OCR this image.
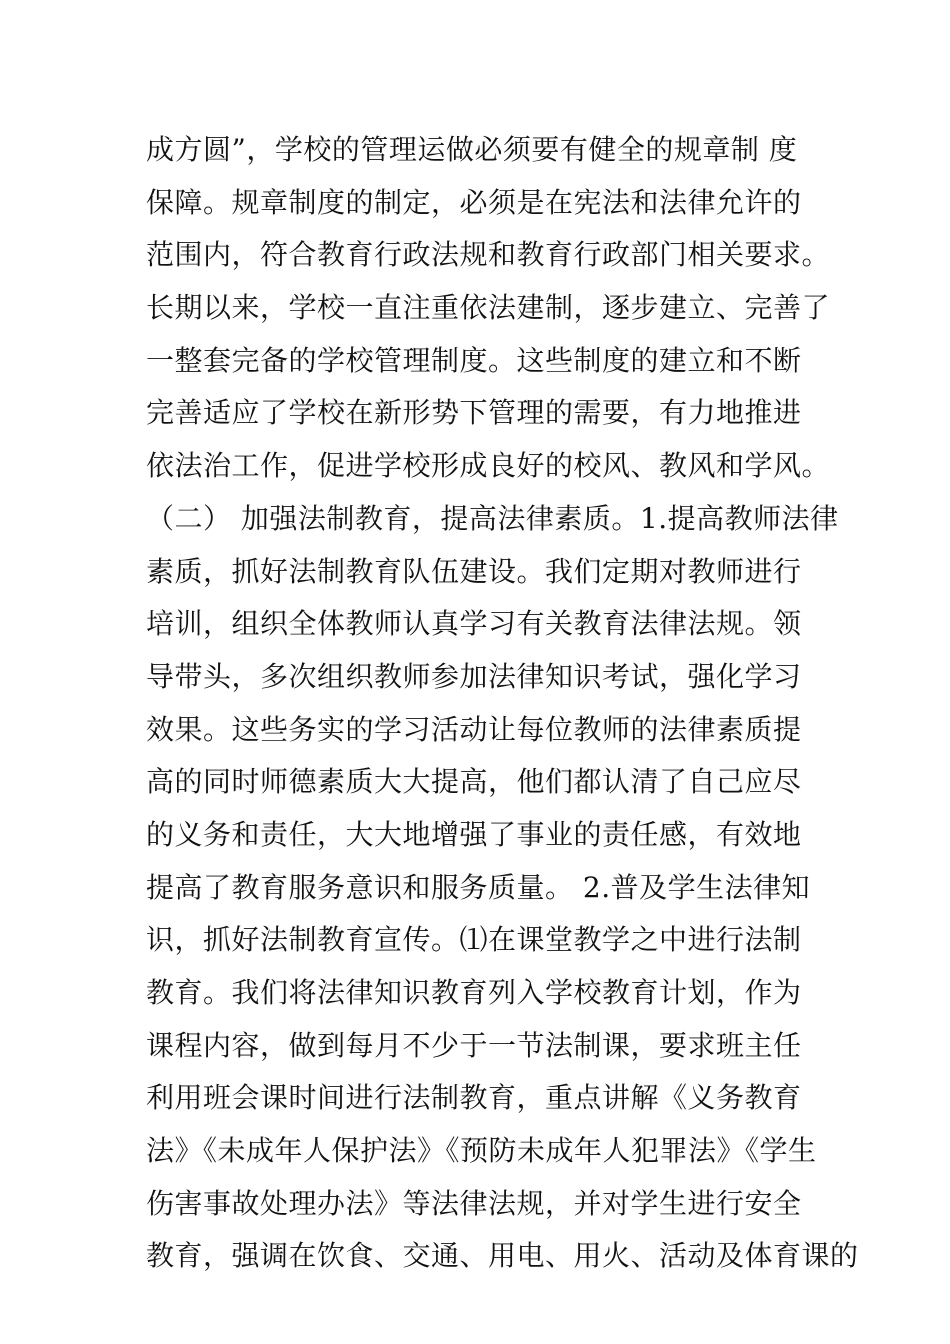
成方圆”，学校的管理运做必须要有健全的规章制 度
保障。规章制度的制定，必须是在宪法和法律允许的
范围内，符合教育行政法规和教育行政部门相关要求。
长期以来，学校一直注重依法建制，逐步建立、完善了
一整套完备的学校管理制度。这些制度的建立和不断
完善适应了学校在新形势下管理的需要，有力地推进
依法治工作，促进学校形成良好的校风、教风和学风。
（二） 加强法制教育，提高法律素质。1.提高教师法律
素质，抓好法制教育队伍建设。我们定期对教师进行
培训，组织全体教师认真学习有关教育法律法规。领
导带头，多次组织教师参加法律知识考试，强化学习
效果。这些务实的学习活动让每位教师的法律素质提
高的同时师德素质大大提高，他们都认清了自己应尽
的义务和责任，大大地增强了事业的责任感，有效地
提高了教育服务意识和服务质量。 2.普及学生法律知
识，抓好法制教育宣传。⑴在课堂教学之中进行法制
教育。我们将法律知识教育列入学校教育计划，作为
课程内容，做到每月不少于一节法制课，要求班主任
利用班会课时间进行法制教育，重点讲解《义务教育
法》《未成年人保护法》《预防未成年人犯罪法》《学生
伤害事故处理办法》等法律法规，并对学生进行安全
教育，强调在饮食、交通、用电、用火、活动及体育课的
